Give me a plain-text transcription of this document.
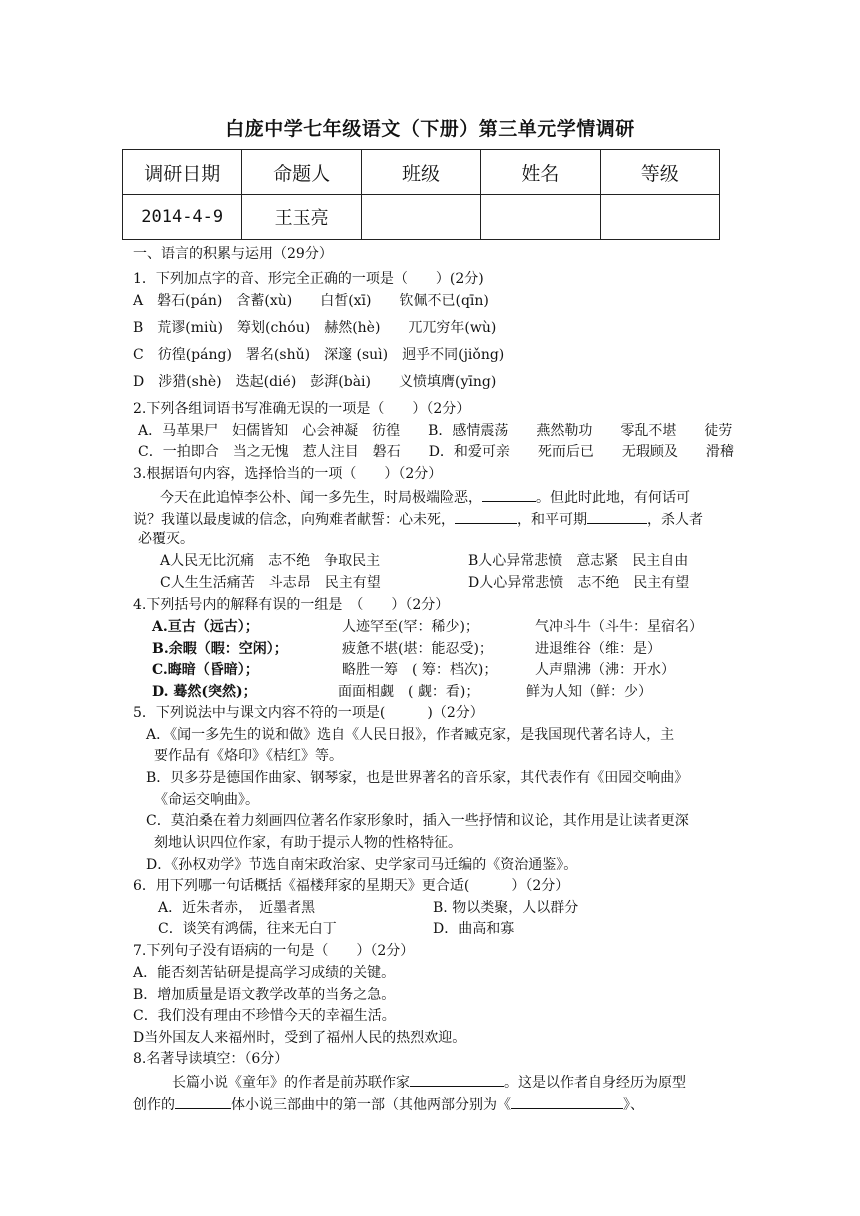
白庞中学七年级语文（下册）第三单元学情调研
调研日期	命题人	班级	姓名	等级
2014-4-9	王玉亮			
一、语言的积累与运用（29分）
1．下列加点字的音、形完全正确的一项是（　　）(2分)
A　磐石(pán)　含蓄(xù)　　白皙(xī)　　钦佩不已(qīn)
B　荒谬(miù)　筹划(chóu)　赫然(hè)　　兀兀穷年(wù)
C　彷徨(páng)　署名(shǔ)　深邃 (suì)　迥乎不同(jiǒng)
D　涉猎(shè)　迭起(dié)　彭湃(bài)　　义愤填膺(yīng)
2.下列各组词语书写准确无误的一项是（　　）（2分）
A．马革果尸　妇儒皆知　心会神凝　彷徨　　B．感情震荡　　燕然勒功　　零乱不堪　　徒劳
C．一拍即合　当之无愧　惹人注目　磐石　　D．和爱可亲　　死而后已　　无瑕顾及　　滑稽
3.根据语句内容，选择恰当的一项（　　）（2分）
今天在此追悼李公朴、闻一多先生，时局极端险恶，	。但此时此地，有何话可
说？我谨以最虔诚的信念，向殉难者献誓：心未死，	，和平可期	，杀人者
必覆灭。
A人民无比沉痛　志不绝　争取民主	B人心异常悲愤　意志紧　民主自由
C人生生活痛苦　斗志昂　民主有望	D人心异常悲愤　志不绝　民主有望
4.下列括号内的解释有误的一组是　（　　）（2分）
A.亘古（远古）；	人迹罕至(罕：稀少)；	气冲斗牛（斗牛：星宿名）
B.余暇（暇：空闲）；	疲惫不堪(堪：能忍受)；	进退维谷（维：是）
C.晦暗（昏暗）；	略胜一筹　( 筹：档次)；	人声鼎沸（沸：开水）
D. 蓦然(突然)；	面面相觑　( 觑：看)；	鲜为人知（鲜：少）
5．下列说法中与课文内容不符的一项是(　　　)（2分）
A．《闻一多先生的说和做》选自《人民日报》，作者臧克家，是我国现代著名诗人，主
要作品有《烙印》《桔红》等。
B．贝多芬是德国作曲家、钢琴家，也是世界著名的音乐家，其代表作有《田园交响曲》
《命运交响曲》。
C．莫泊桑在着力刻画四位著名作家形象时，插入一些抒情和议论，其作用是让读者更深
刻地认识四位作家，有助于提示人物的性格特征。
D．《孙权劝学》节选自南宋政治家、史学家司马迁编的《资治通鉴》。
6．用下列哪一句话概括《福楼拜家的星期天》更合适(　　　）（2分）
A．近朱者赤，　近墨者黑	B. 物以类聚，人以群分
C．谈笑有鸿儒，往来无白丁	D．曲高和寡
7.下列句子没有语病的一句是（　　）（2分）
A．能否刻苦钻研是提高学习成绩的关键。
B．增加质量是语文教学改革的当务之急。
C．我们没有理由不珍惜今天的幸福生活。
D当外国友人来福州时，受到了福州人民的热烈欢迎。
8.名著导读填空：（6分）
长篇小说《童年》的作者是前苏联作家	。这是以作者自身经历为原型
创作的	体小说三部曲中的第一部（其他两部分别为《	》、
